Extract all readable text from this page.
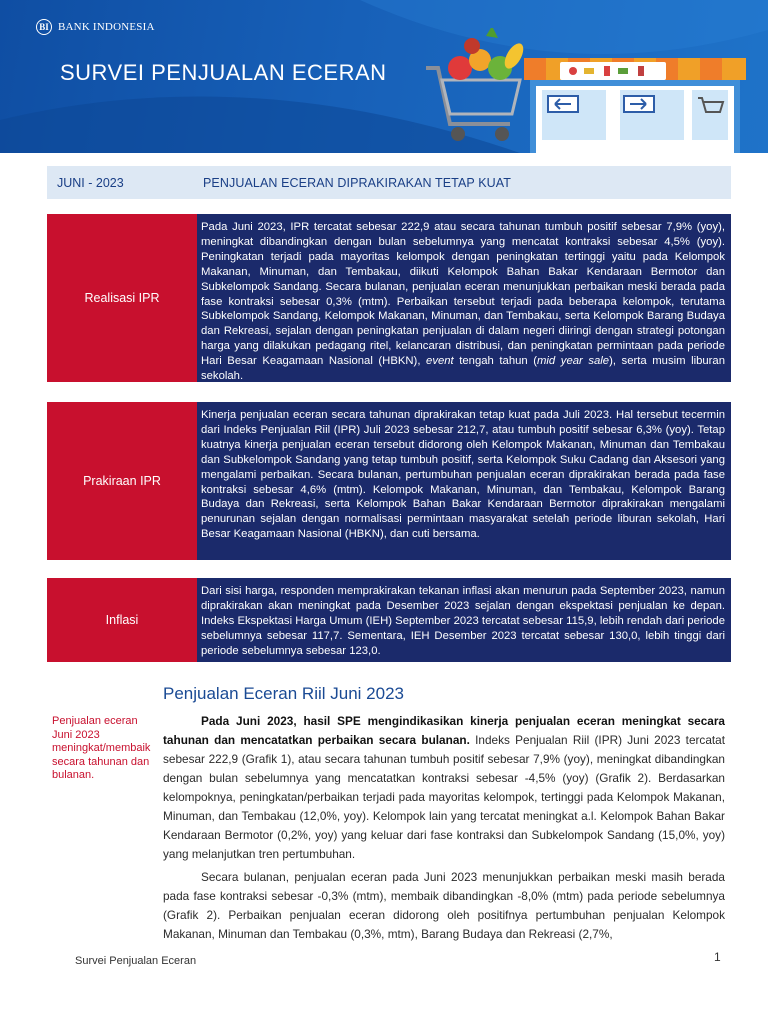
BI BANK INDONESIA
SURVEI PENJUALAN ECERAN
JUNI - 2023	PENJUALAN ECERAN DIPRAKIRAKAN TETAP KUAT
Realisasi IPR
Pada Juni 2023, IPR tercatat sebesar 222,9 atau secara tahunan tumbuh positif sebesar 7,9% (yoy), meningkat dibandingkan dengan bulan sebelumnya yang mencatat kontraksi sebesar 4,5% (yoy). Peningkatan terjadi pada mayoritas kelompok dengan peningkatan tertinggi yaitu pada Kelompok Makanan, Minuman, dan Tembakau, diikuti Kelompok Bahan Bakar Kendaraan Bermotor dan Subkelompok Sandang. Secara bulanan, penjualan eceran menunjukkan perbaikan meski berada pada fase kontraksi sebesar 0,3% (mtm). Perbaikan tersebut terjadi pada beberapa kelompok, terutama Subkelompok Sandang, Kelompok Makanan, Minuman, dan Tembakau, serta Kelompok Barang Budaya dan Rekreasi, sejalan dengan peningkatan penjualan di dalam negeri diiringi dengan strategi potongan harga yang dilakukan pedagang ritel, kelancaran distribusi, dan peningkatan permintaan pada periode Hari Besar Keagamaan Nasional (HBKN), event tengah tahun (mid year sale), serta musim liburan sekolah.
Prakiraan IPR
Kinerja penjualan eceran secara tahunan diprakirakan tetap kuat pada Juli 2023. Hal tersebut tecermin dari Indeks Penjualan Riil (IPR) Juli 2023 sebesar 212,7, atau tumbuh positif sebesar 6,3% (yoy). Tetap kuatnya kinerja penjualan eceran tersebut didorong oleh Kelompok Makanan, Minuman dan Tembakau dan Subkelompok Sandang yang tetap tumbuh positif, serta Kelompok Suku Cadang dan Aksesori yang mengalami perbaikan. Secara bulanan, pertumbuhan penjualan eceran diprakirakan berada pada fase kontraksi sebesar 4,6% (mtm). Kelompok Makanan, Minuman, dan Tembakau, Kelompok Barang Budaya dan Rekreasi, serta Kelompok Bahan Bakar Kendaraan Bermotor diprakirakan mengalami penurunan sejalan dengan normalisasi permintaan masyarakat setelah periode liburan sekolah, Hari Besar Keagamaan Nasional (HBKN), dan cuti bersama.
Inflasi
Dari sisi harga, responden memprakirakan tekanan inflasi akan menurun pada September 2023, namun diprakirakan akan meningkat pada Desember 2023 sejalan dengan ekspektasi penjualan ke depan. Indeks Ekspektasi Harga Umum (IEH) September 2023 tercatat sebesar 115,9, lebih rendah dari periode sebelumnya sebesar 117,7. Sementara, IEH Desember 2023 tercatat sebesar 130,0, lebih tinggi dari periode sebelumnya sebesar 123,0.
Penjualan Eceran Riil Juni 2023
Penjualan eceran Juni 2023 meningkat/membaik secara tahunan dan bulanan.

Pada Juni 2023, hasil SPE mengindikasikan kinerja penjualan eceran meningkat secara tahunan dan mencatatkan perbaikan secara bulanan. Indeks Penjualan Riil (IPR) Juni 2023 tercatat sebesar 222,9 (Grafik 1), atau secara tahunan tumbuh positif sebesar 7,9% (yoy), meningkat dibandingkan dengan bulan sebelumnya yang mencatatkan kontraksi sebesar -4,5% (yoy) (Grafik 2). Berdasarkan kelompoknya, peningkatan/perbaikan terjadi pada mayoritas kelompok, tertinggi pada Kelompok Makanan, Minuman, dan Tembakau (12,0%, yoy). Kelompok lain yang tercatat meningkat a.l. Kelompok Bahan Bakar Kendaraan Bermotor (0,2%, yoy) yang keluar dari fase kontraksi dan Subkelompok Sandang (15,0%, yoy) yang melanjutkan tren pertumbuhan.

Secara bulanan, penjualan eceran pada Juni 2023 menunjukkan perbaikan meski masih berada pada fase kontraksi sebesar -0,3% (mtm), membaik dibandingkan -8,0% (mtm) pada periode sebelumnya (Grafik 2). Perbaikan penjualan eceran didorong oleh positifnya pertumbuhan penjualan Kelompok Makanan, Minuman dan Tembakau (0,3%, mtm), Barang Budaya dan Rekreasi (2,7%,

Survei Penjualan Eceran	1
